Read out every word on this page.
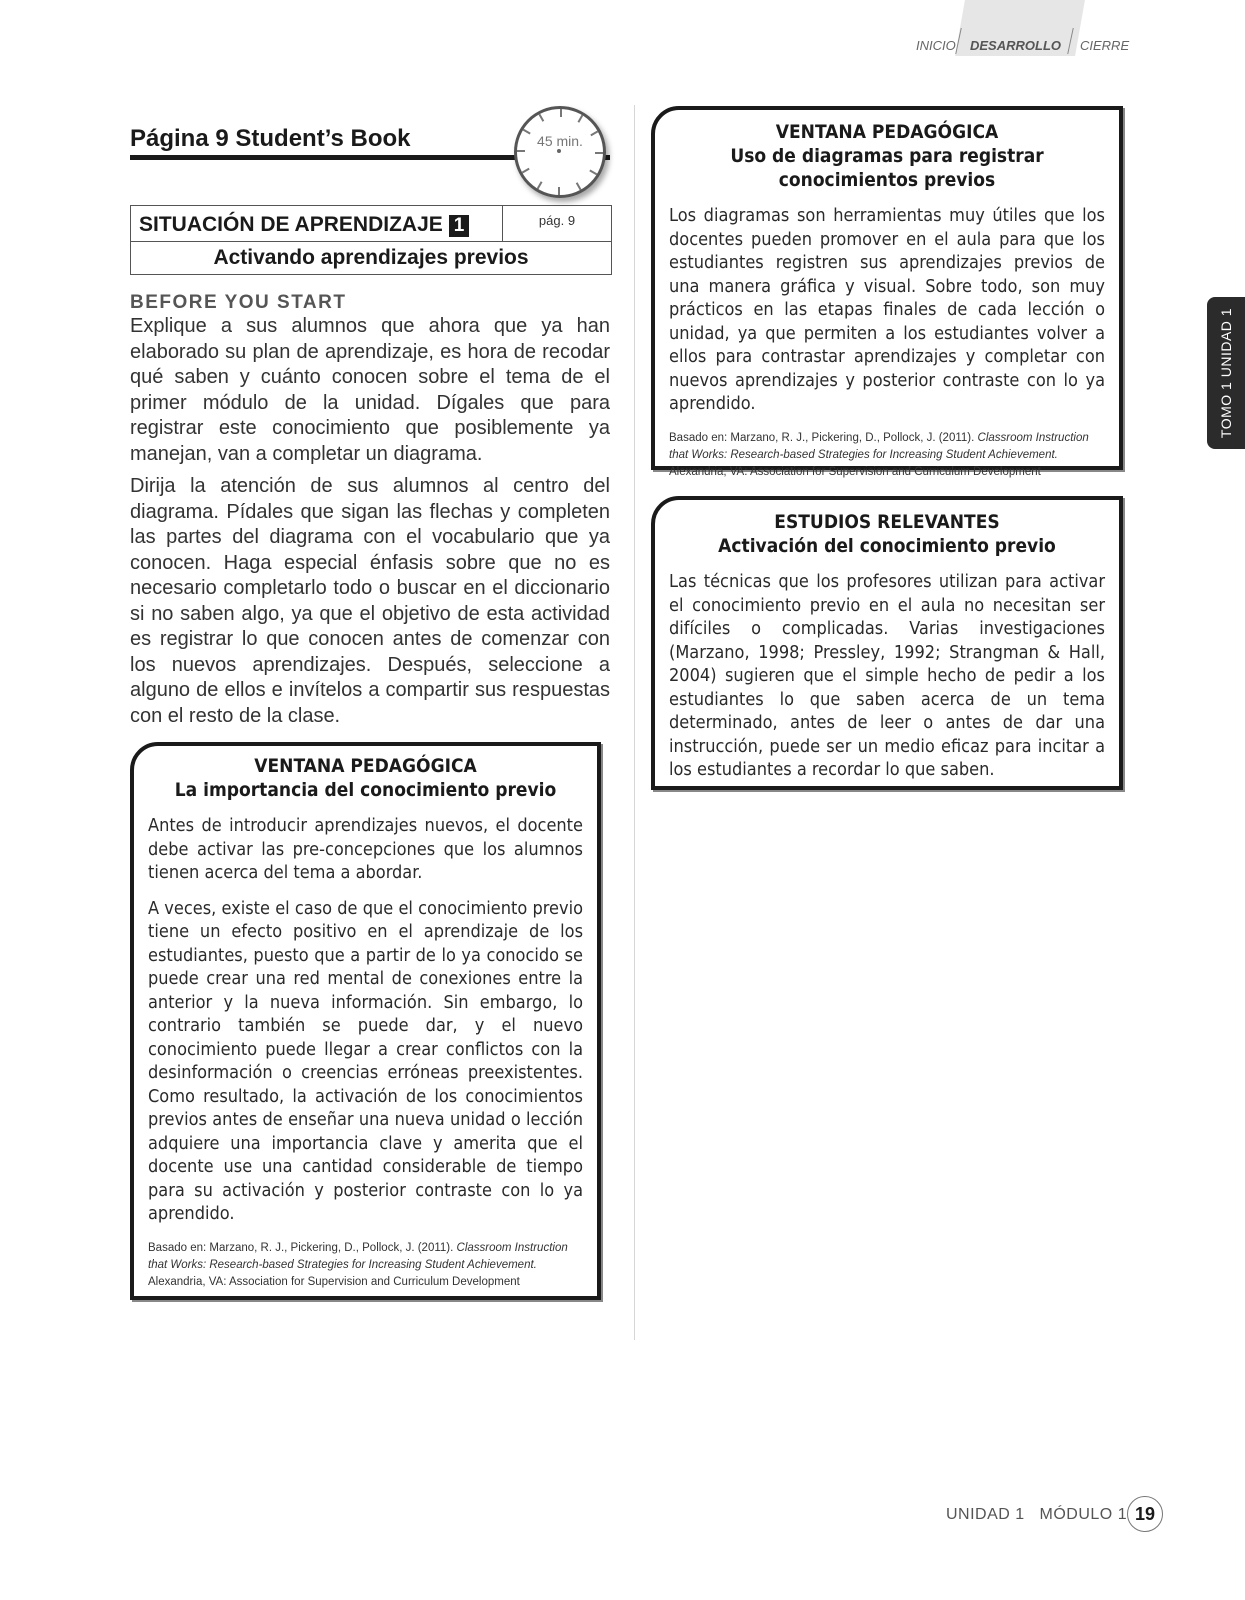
INICIO DESARROLLO CIERRE
TOMO 1 UNIDAD 1
Página 9 Student’s Book	45 min.
SITUACIÓN DE APRENDIZAJE 1	pág. 9
Activando aprendizajes previos
BEFORE YOU START

Explique a sus alumnos que ahora que ya han elaborado su plan de aprendizaje, es hora de recodar qué saben y cuánto conocen sobre el tema de el primer módulo de la unidad. Dígales que para registrar este conocimiento que posiblemente ya manejan, van a completar un diagrama.

Dirija la atención de sus alumnos al centro del diagrama. Pídales que sigan las flechas y completen las partes del diagrama con el vocabulario que ya conocen. Haga especial énfasis sobre que no es necesario completarlo todo o buscar en el diccionario si no saben algo, ya que el objetivo de esta actividad es registrar lo que conocen antes de comenzar con los nuevos aprendizajes. Después, seleccione a alguno de ellos e invítelos a compartir sus respuestas con el resto de la clase.

VENTANA PEDAGÓGICA
La importancia del conocimiento previo

Antes de introducir aprendizajes nuevos, el docente debe activar las pre-concepciones que los alumnos tienen acerca del tema a abordar.

A veces, existe el caso de que el conocimiento previo tiene un efecto positivo en el aprendizaje de los estudiantes, puesto que a partir de lo ya conocido se puede crear una red mental de conexiones entre la anterior y la nueva información. Sin embargo, lo contrario también se puede dar, y el nuevo conocimiento puede llegar a crear conflictos con la desinformación o creencias erróneas preexistentes. Como resultado, la activación de los conocimientos previos antes de enseñar una nueva unidad o lección adquiere una importancia clave y amerita que el docente use una cantidad considerable de tiempo para su activación y posterior contraste con lo ya aprendido.

Basado en: Marzano, R. J., Pickering, D., Pollock, J. (2011). Classroom Instruction that Works: Research-based Strategies for Increasing Student Achievement.
Alexandria, VA: Association for Supervision and Curriculum Development

VENTANA PEDAGÓGICA
Uso de diagramas para registrar conocimientos previos

Los diagramas son herramientas muy útiles que los docentes pueden promover en el aula para que los estudiantes registren sus aprendizajes previos de una manera gráfica y visual. Sobre todo, son muy prácticos en las etapas finales de cada lección o unidad, ya que permiten a los estudiantes volver a ellos para contrastar aprendizajes y completar con nuevos aprendizajes y posterior contraste con lo ya aprendido.

Basado en: Marzano, R. J., Pickering, D., Pollock, J. (2011). Classroom Instruction that Works: Research-based Strategies for Increasing Student Achievement.
Alexandria, VA: Association for Supervision and Curriculum Development

ESTUDIOS RELEVANTES
Activación del conocimiento previo

Las técnicas que los profesores utilizan para activar el conocimiento previo en el aula no necesitan ser difíciles o complicadas. Varias investigaciones (Marzano, 1998; Pressley, 1992; Strangman & Hall, 2004) sugieren que el simple hecho de pedir a los estudiantes lo que saben acerca de un tema determinado, antes de leer o antes de dar una instrucción, puede ser un medio eficaz para incitar a los estudiantes a recordar lo que saben.

UNIDAD 1   MÓDULO 1 19
